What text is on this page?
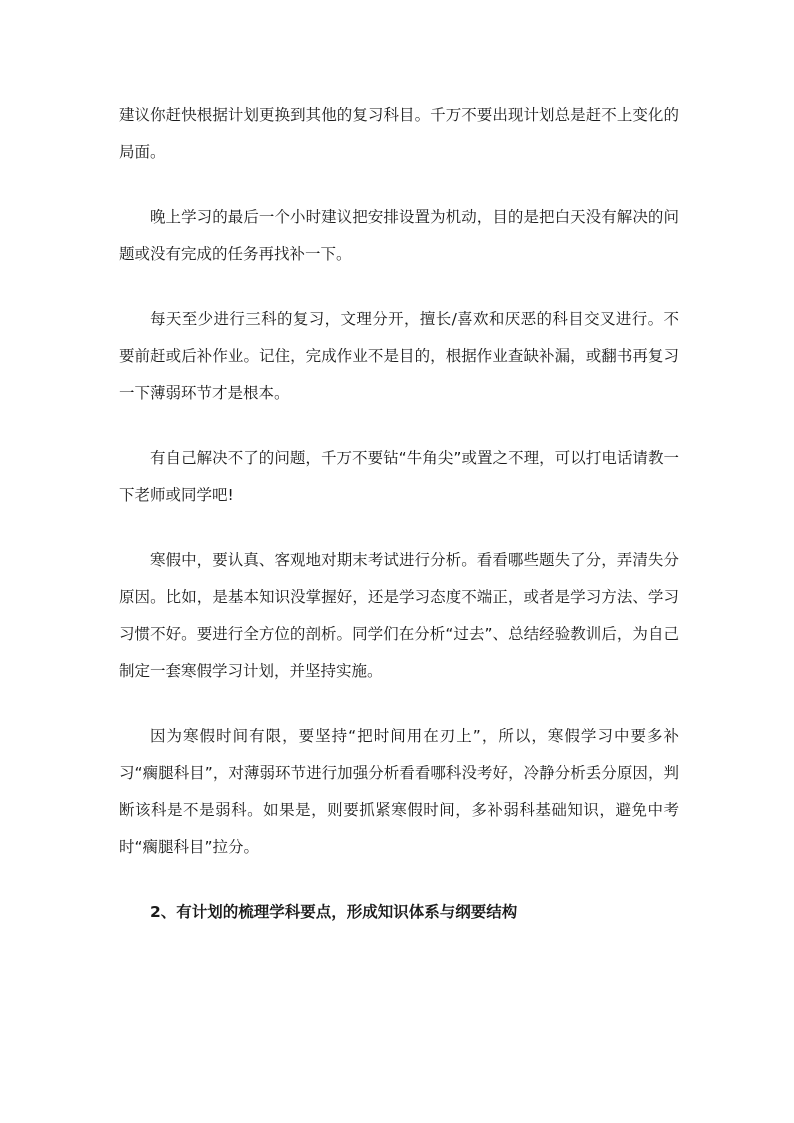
建议你赶快根据计划更换到其他的复习科目。千万不要出现计划总是赶不上变化的局面。

晚上学习的最后一个小时建议把安排设置为机动，目的是把白天没有解决的问题或没有完成的任务再找补一下。

每天至少进行三科的复习，文理分开，擅长/喜欢和厌恶的科目交叉进行。不要前赶或后补作业。记住，完成作业不是目的，根据作业查缺补漏，或翻书再复习一下薄弱环节才是根本。

有自己解决不了的问题，千万不要钻“牛角尖”或置之不理，可以打电话请教一下老师或同学吧!

寒假中，要认真、客观地对期末考试进行分析。看看哪些题失了分，弄清失分原因。比如，是基本知识没掌握好，还是学习态度不端正，或者是学习方法、学习习惯不好。要进行全方位的剖析。同学们在分析“过去”、总结经验教训后，为自己制定一套寒假学习计划，并坚持实施。

因为寒假时间有限，要坚持“把时间用在刃上”，所以，寒假学习中要多补习“瘸腿科目”，对薄弱环节进行加强分析看看哪科没考好，冷静分析丢分原因，判断该科是不是弱科。如果是，则要抓紧寒假时间，多补弱科基础知识，避免中考时“瘸腿科目”拉分。

2、有计划的梳理学科要点，形成知识体系与纲要结构
